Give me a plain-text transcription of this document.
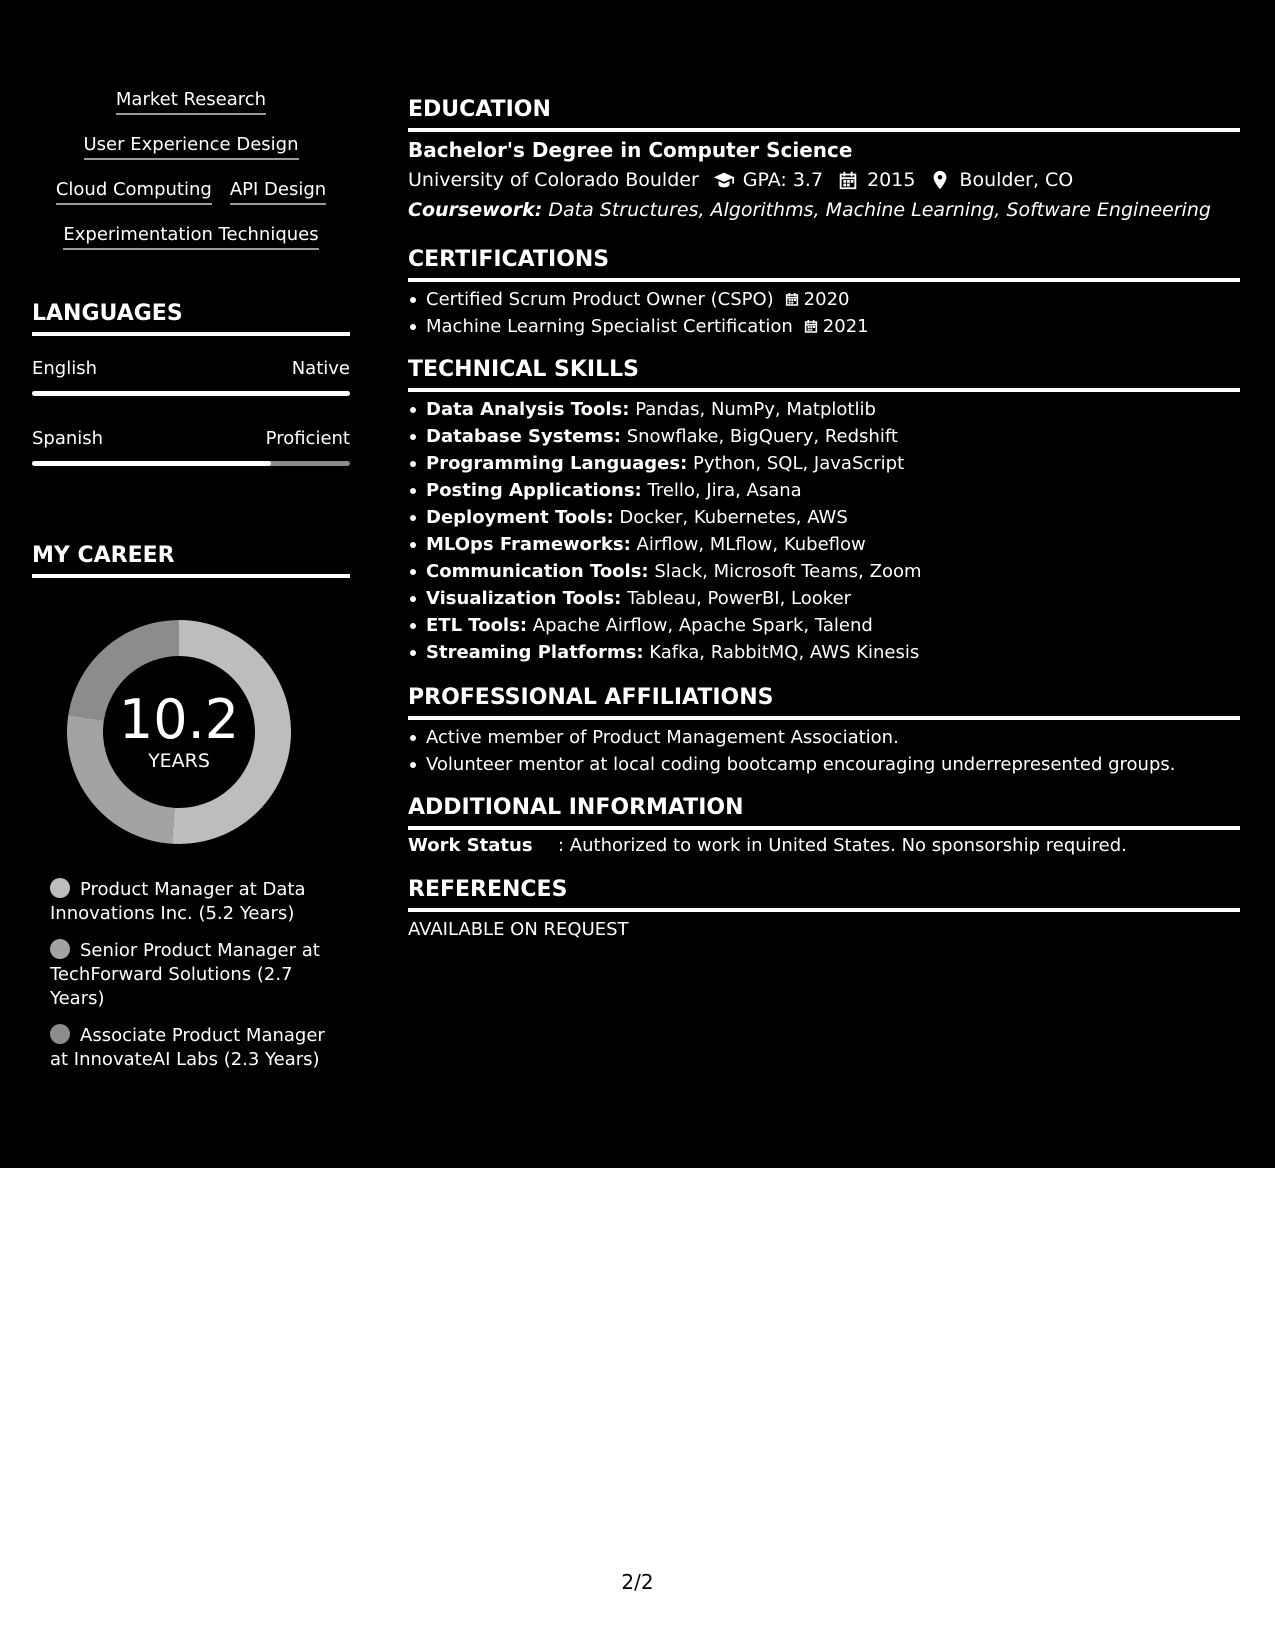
Market Research
User Experience Design
Cloud Computing API Design
Experimentation Techniques
LANGUAGES
English	Native
Spanish	Proficient
MY CAREER
10.2
YEARS
Product Manager at Data Innovations Inc. (5.2 Years)
Senior Product Manager at TechForward Solutions (2.7 Years)
Associate Product Manager at InnovateAI Labs (2.3 Years)
EDUCATION
Bachelor's Degree in Computer Science
University of Colorado Boulder GPA: 3.7 2015 Boulder, CO
Coursework: Data Structures, Algorithms, Machine Learning, Software Engineering
CERTIFICATIONS
Certified Scrum Product Owner (CSPO) 2020
Machine Learning Specialist Certification 2021
TECHNICAL SKILLS
Data Analysis Tools: Pandas, NumPy, Matplotlib
Database Systems: Snowflake, BigQuery, Redshift
Programming Languages: Python, SQL, JavaScript
Posting Applications: Trello, Jira, Asana
Deployment Tools: Docker, Kubernetes, AWS
MLOps Frameworks: Airflow, MLflow, Kubeflow
Communication Tools: Slack, Microsoft Teams, Zoom
Visualization Tools: Tableau, PowerBI, Looker
ETL Tools: Apache Airflow, Apache Spark, Talend
Streaming Platforms: Kafka, RabbitMQ, AWS Kinesis
PROFESSIONAL AFFILIATIONS
Active member of Product Management Association.
Volunteer mentor at local coding bootcamp encouraging underrepresented groups.
ADDITIONAL INFORMATION
Work Status	: Authorized to work in United States. No sponsorship required.
REFERENCES
AVAILABLE ON REQUEST
2/2
